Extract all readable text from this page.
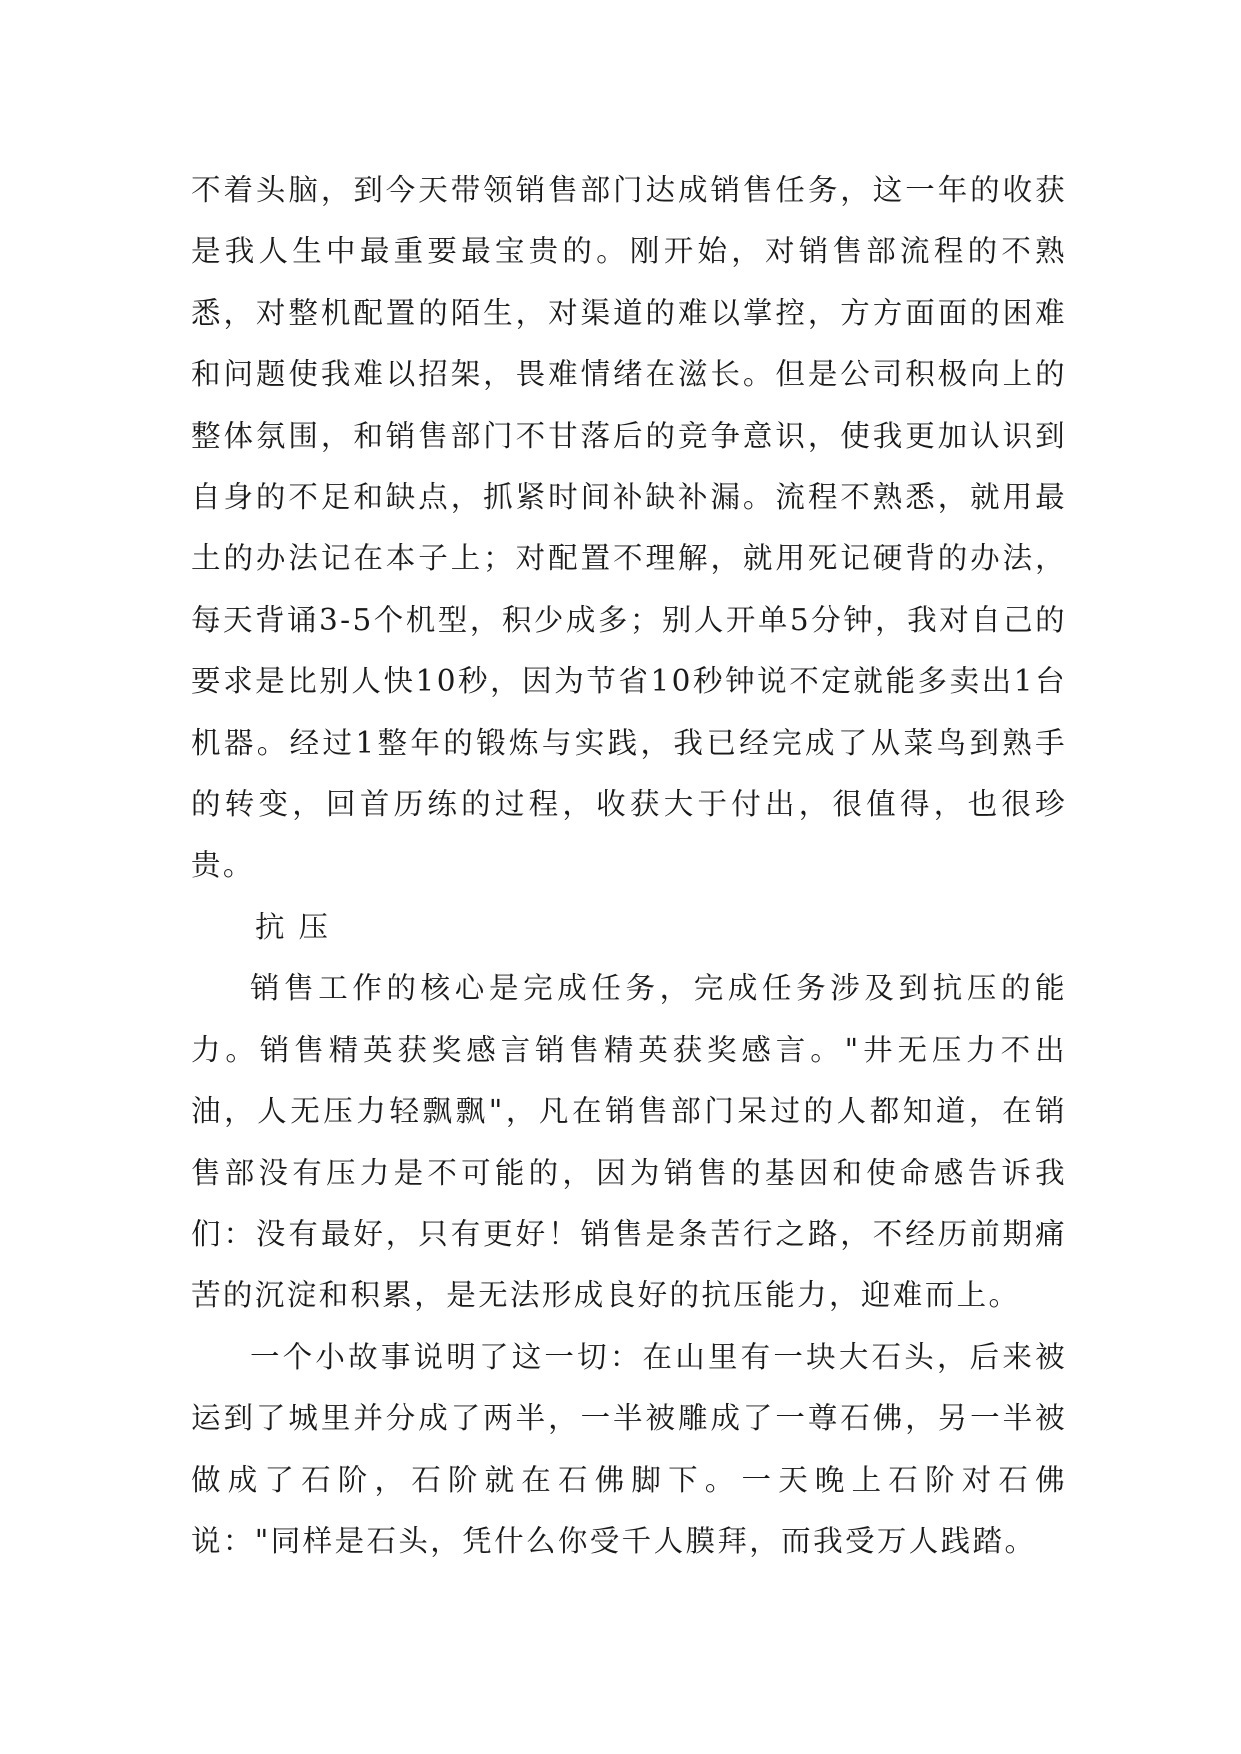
不着头脑，到今天带领销售部门达成销售任务，这一年的收获是我人生中最重要最宝贵的。刚开始，对销售部流程的不熟悉，对整机配置的陌生，对渠道的难以掌控，方方面面的困难和问题使我难以招架，畏难情绪在滋长。但是公司积极向上的整体氛围，和销售部门不甘落后的竞争意识，使我更加认识到自身的不足和缺点，抓紧时间补缺补漏。流程不熟悉，就用最土的办法记在本子上；对配置不理解，就用死记硬背的办法，每天背诵3-5个机型，积少成多；别人开单5分钟，我对自己的要求是比别人快10秒，因为节省10秒钟说不定就能多卖出1台机器。经过1整年的锻炼与实践，我已经完成了从菜鸟到熟手的转变，回首历练的过程，收获大于付出，很值得，也很珍贵。

抗压

销售工作的核心是完成任务，完成任务涉及到抗压的能力。销售精英获奖感言销售精英获奖感言。"井无压力不出油，人无压力轻飘飘"，凡在销售部门呆过的人都知道，在销售部没有压力是不可能的，因为销售的基因和使命感告诉我们：没有最好，只有更好！销售是条苦行之路，不经历前期痛苦的沉淀和积累，是无法形成良好的抗压能力，迎难而上。

一个小故事说明了这一切：在山里有一块大石头，后来被运到了城里并分成了两半，一半被雕成了一尊石佛，另一半被做成了石阶，石阶就在石佛脚下。一天晚上石阶对石佛说："同样是石头，凭什么你受千人膜拜，而我受万人践踏。
